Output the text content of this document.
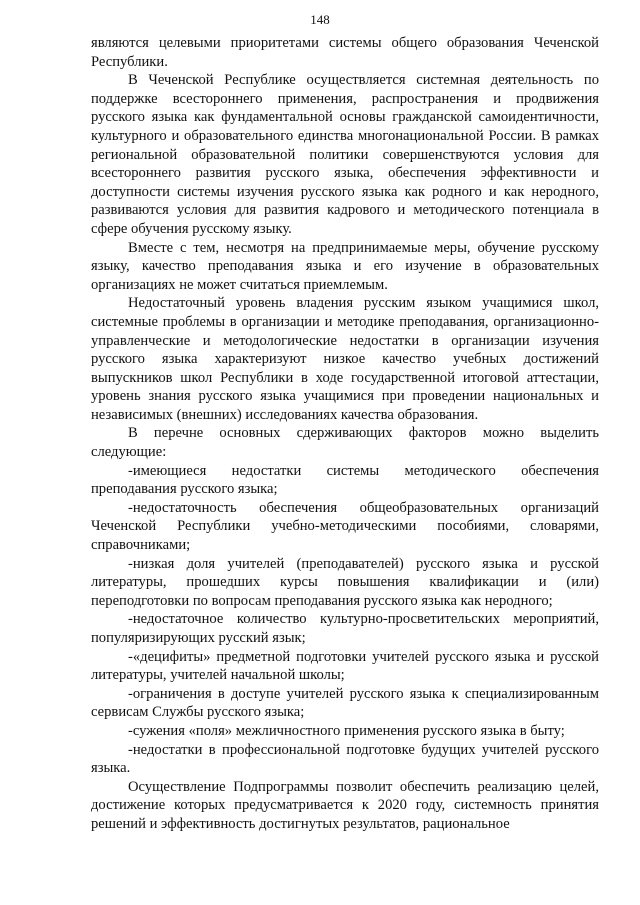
148

являются целевыми приоритетами системы общего образования Чеченской Республики.

В Чеченской Республике осуществляется системная деятельность по поддержке всестороннего применения, распространения и продвижения русского языка как фундаментальной основы гражданской самоидентичности, культурного и образовательного единства многонациональной России. В рамках региональной образовательной политики совершенствуются условия для всестороннего развития русского языка, обеспечения эффективности и доступности системы изучения русского языка как родного и как неродного, развиваются условия для развития кадрового и методического потенциала в сфере обучения русскому языку.

Вместе с тем, несмотря на предпринимаемые меры, обучение русскому языку, качество преподавания языка и его изучение в образовательных организациях не может считаться приемлемым.

Недостаточный уровень владения русским языком учащимися школ, системные проблемы в организации и методике преподавания, организационно-управленческие и методологические недостатки в организации изучения русского языка характеризуют низкое качество учебных достижений выпускников школ Республики в ходе государственной итоговой аттестации, уровень знания русского языка учащимися при проведении национальных и независимых (внешних) исследованиях качества образования.

В перечне основных сдерживающих факторов можно выделить следующие:

-имеющиеся недостатки системы методического обеспечения преподавания русского языка;

-недостаточность обеспечения общеобразовательных организаций Чеченской Республики учебно-методическими пособиями, словарями, справочниками;

-низкая доля учителей (преподавателей) русского языка и русской литературы, прошедших курсы повышения квалификации и (или) переподготовки по вопросам преподавания русского языка как неродного;

-недостаточное количество культурно-просветительских мероприятий, популяризирующих русский язык;

-«децифиты» предметной подготовки учителей русского языка и русской литературы, учителей начальной школы;

-ограничения в доступе учителей русского языка к специализированным сервисам Службы русского языка;

-сужения «поля» межличностного применения русского языка в быту;

-недостатки в профессиональной подготовке будущих учителей русского языка.

Осуществление Подпрограммы позволит обеспечить реализацию целей, достижение которых предусматривается к 2020 году, системность принятия решений и эффективность достигнутых результатов, рациональное
